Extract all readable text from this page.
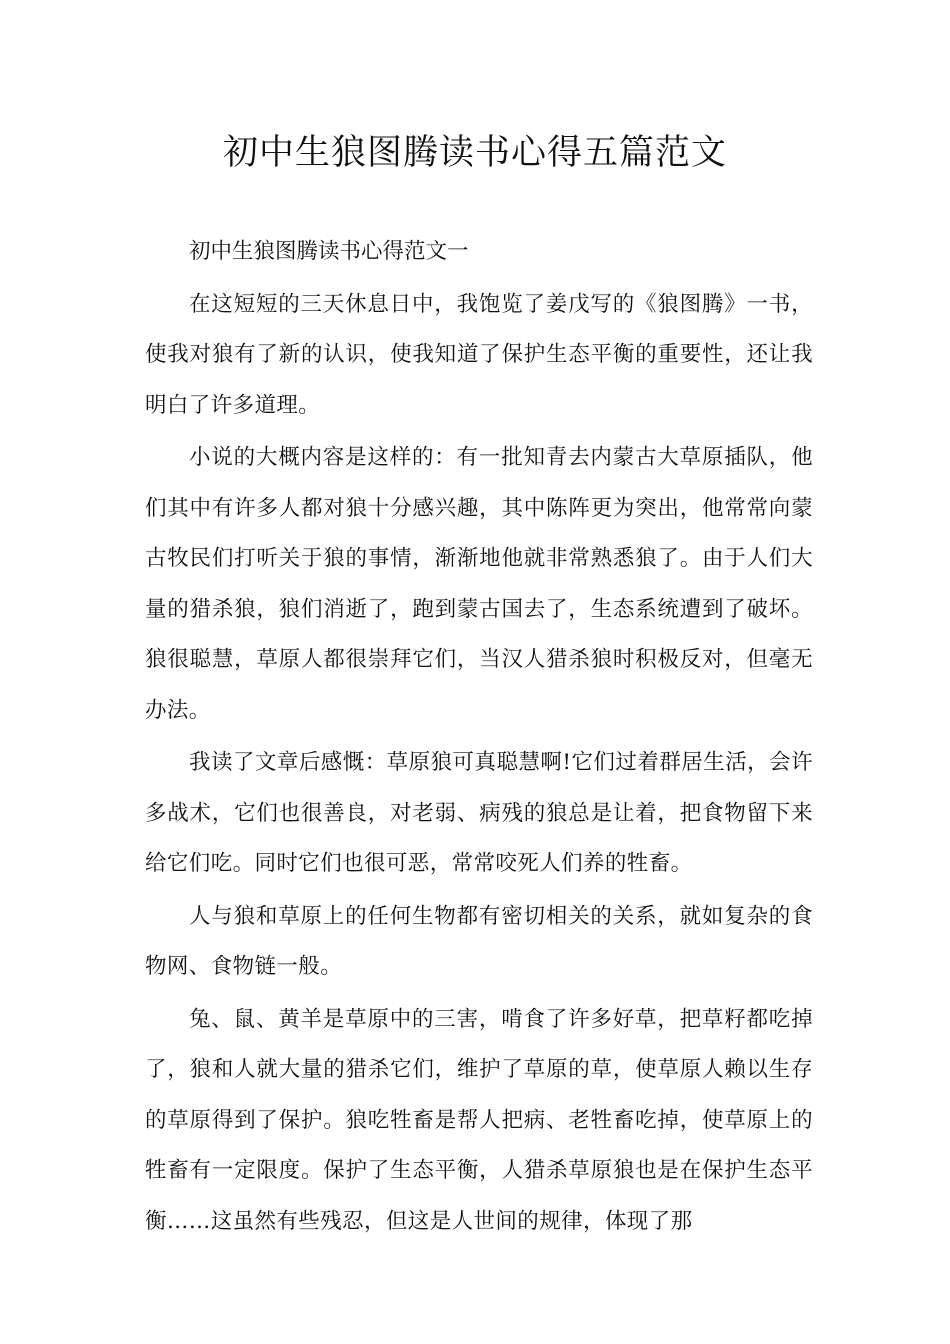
初中生狼图腾读书心得五篇范文

初中生狼图腾读书心得范文一

在这短短的三天休息日中，我饱览了姜戊写的《狼图腾》一书，使我对狼有了新的认识，使我知道了保护生态平衡的重要性，还让我明白了许多道理。

小说的大概内容是这样的：有一批知青去内蒙古大草原插队，他们其中有许多人都对狼十分感兴趣，其中陈阵更为突出，他常常向蒙古牧民们打听关于狼的事情，渐渐地他就非常熟悉狼了。由于人们大量的猎杀狼，狼们消逝了，跑到蒙古国去了，生态系统遭到了破坏。狼很聪慧，草原人都很崇拜它们，当汉人猎杀狼时积极反对，但毫无办法。

我读了文章后感慨：草原狼可真聪慧啊!它们过着群居生活，会许多战术，它们也很善良，对老弱、病残的狼总是让着，把食物留下来给它们吃。同时它们也很可恶，常常咬死人们养的牲畜。

人与狼和草原上的任何生物都有密切相关的关系，就如复杂的食物网、食物链一般。

兔、鼠、黄羊是草原中的三害，啃食了许多好草，把草籽都吃掉了，狼和人就大量的猎杀它们，维护了草原的草，使草原人赖以生存的草原得到了保护。狼吃牲畜是帮人把病、老牲畜吃掉，使草原上的牲畜有一定限度。保护了生态平衡，人猎杀草原狼也是在保护生态平衡……这虽然有些残忍，但这是人世间的规律，体现了那
